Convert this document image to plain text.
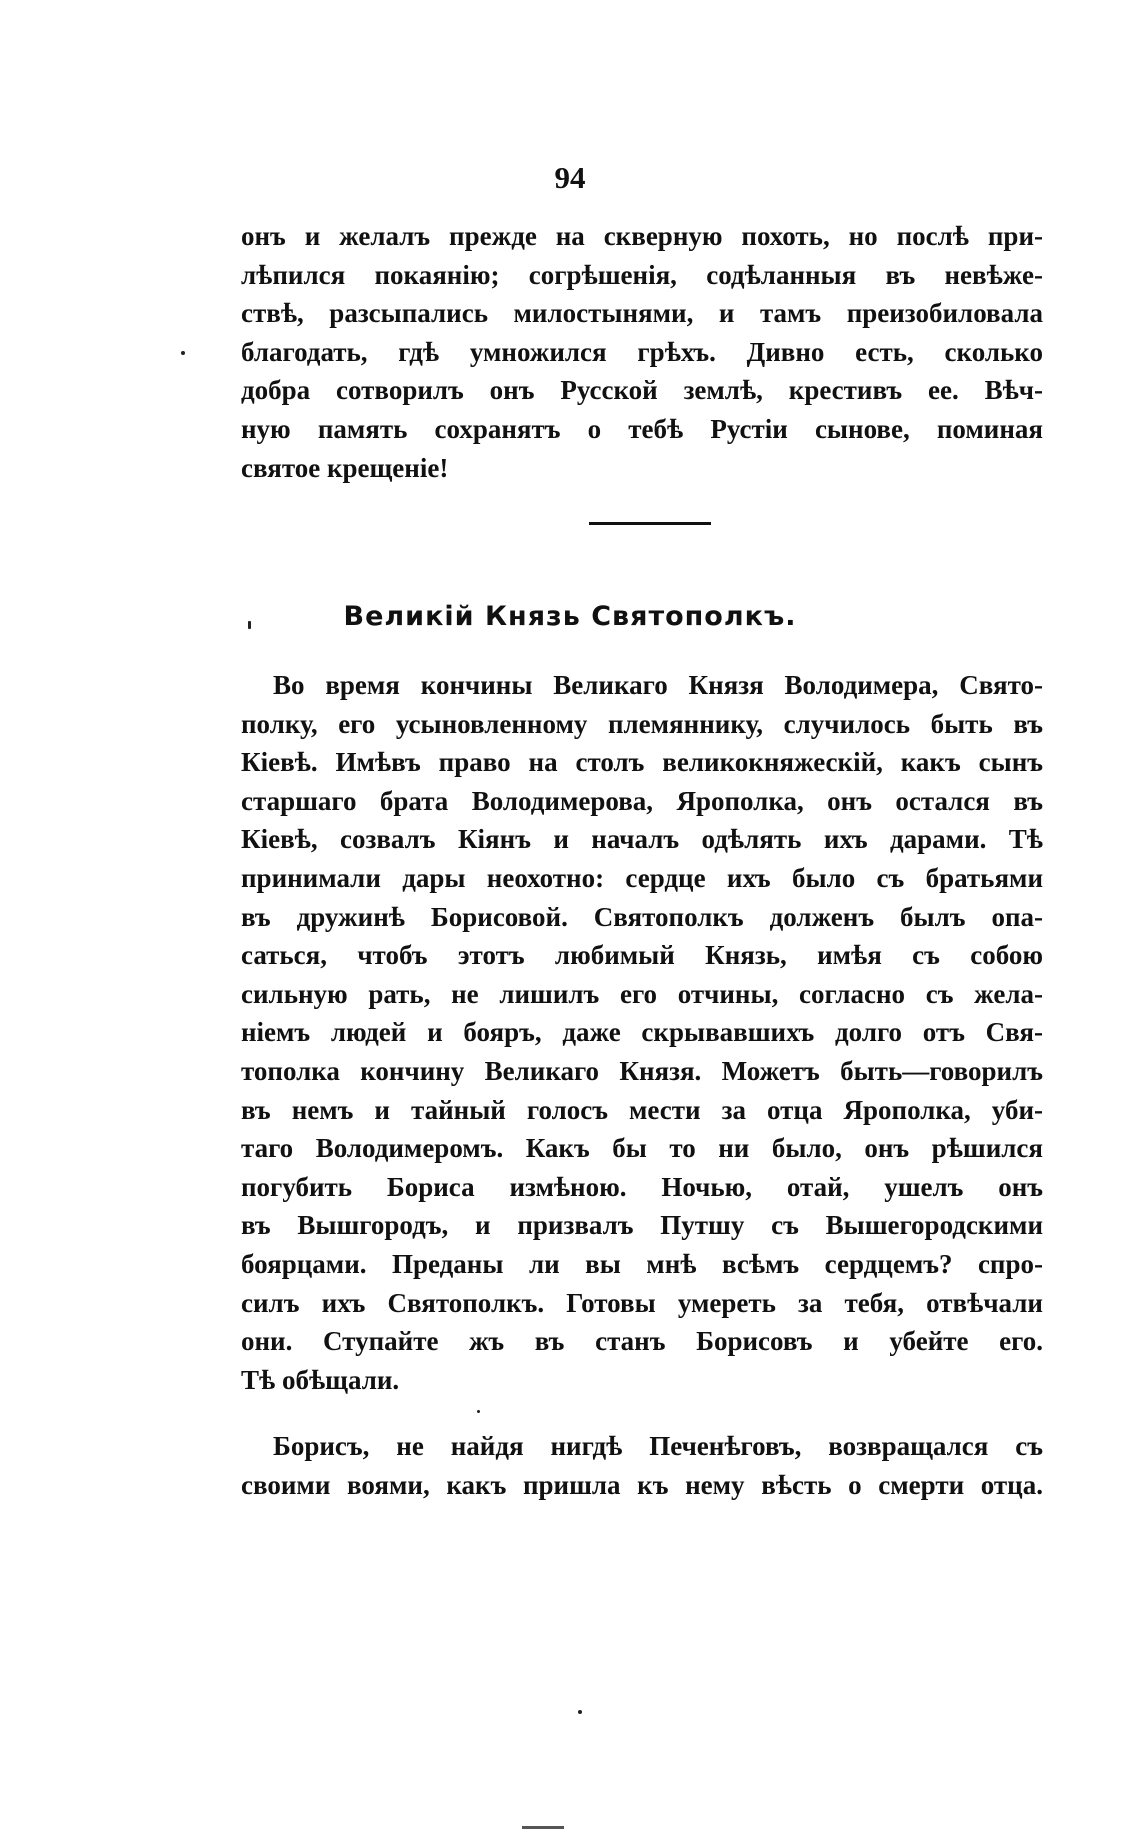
94
онъ и желалъ прежде на скверную похоть, но послѣ при-
лѣпился покаянію; согрѣшенія, содѣланныя въ невѣже-
ствѣ, разсыпались милостынями, и тамъ преизобиловала
благодать, гдѣ умножился грѣхъ. Дивно есть, сколько
добра сотворилъ онъ Русской землѣ, крестивъ ее. Вѣч-
ную память сохранятъ о тебѣ Рустіи сынове, поминая
святое крещеніе!
Великій Князь Святополкъ.
Во время кончины Великаго Князя Володимера, Свято-
полку, его усыновленному племяннику, случилось быть въ
Кіевѣ. Имѣвъ право на столъ великокняжескій, какъ сынъ
старшаго брата Володимерова, Ярополка, онъ остался въ
Кіевѣ, созвалъ Кіянъ и началъ одѣлять ихъ дарами. Тѣ
принимали дары неохотно: сердце ихъ было съ братьями
въ дружинѣ Борисовой. Святополкъ долженъ былъ опа-
саться, чтобъ этотъ любимый Князь, имѣя съ собою
сильную рать, не лишилъ его отчины, согласно съ жела-
ніемъ людей и бояръ, даже скрывавшихъ долго отъ Свя-
тополка кончину Великаго Князя. Можетъ быть—говорилъ
въ немъ и тайный голосъ мести за отца Ярополка, уби-
таго Володимеромъ. Какъ бы то ни было, онъ рѣшился
погубить Бориса измѣною. Ночью, отай, ушелъ онъ
въ Вышгородъ, и призвалъ Путшу съ Вышегородскими
боярцами. Преданы ли вы мнѣ всѣмъ сердцемъ? спро-
силъ ихъ Святополкъ. Готовы умереть за тебя, отвѣчали
они. Ступайте жъ въ станъ Борисовъ и убейте его.
Тѣ обѣщали.
Борисъ, не найдя нигдѣ Печенѣговъ, возвращался съ
своими воями, какъ пришла къ нему вѣсть о смерти отца.
